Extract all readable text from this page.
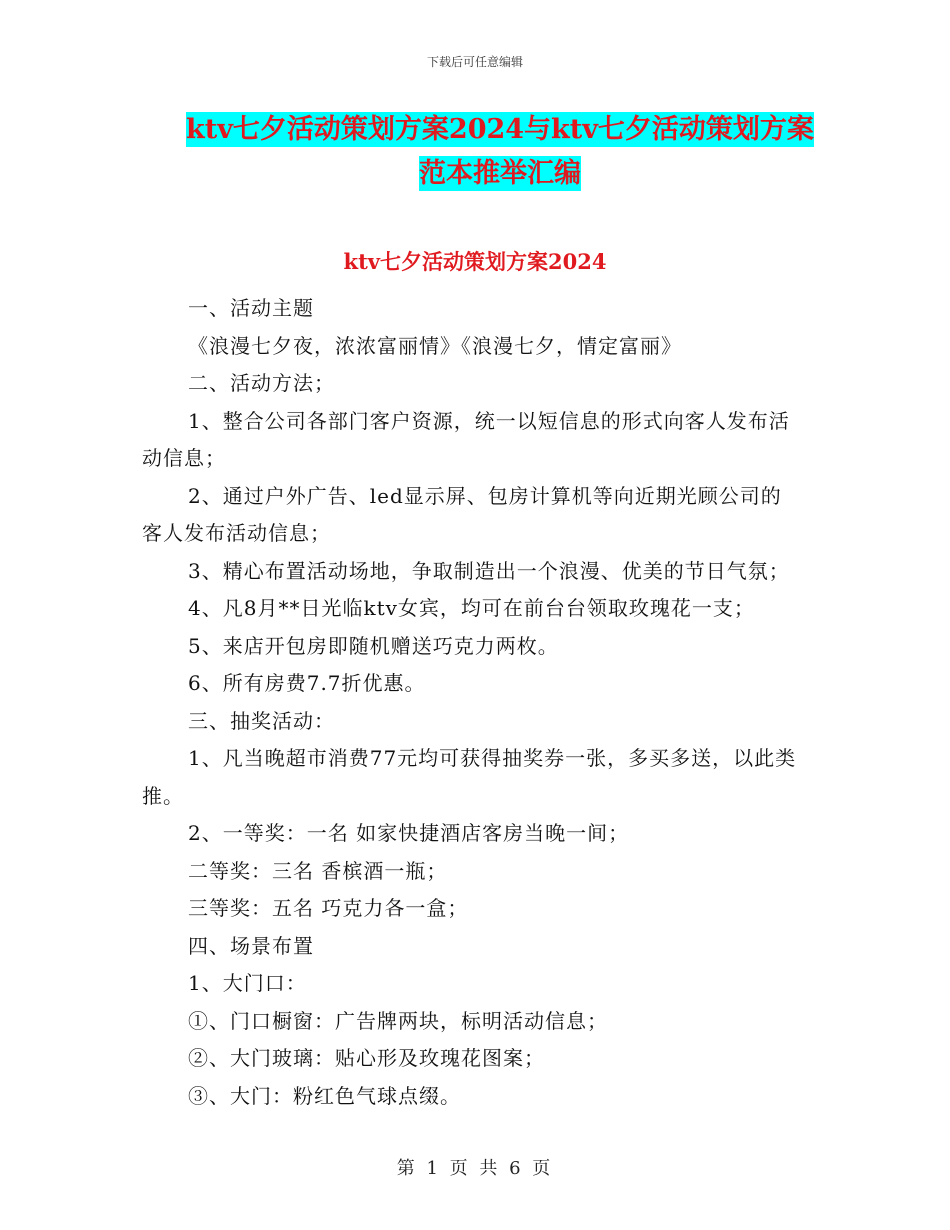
下载后可任意编辑
ktv七夕活动策划方案2024与ktv七夕活动策划方案
范本推举汇编
ktv七夕活动策划方案2024

一、活动主题

《浪漫七夕夜，浓浓富丽情》《浪漫七夕，情定富丽》

二、活动方法；

1、整合公司各部门客户资源，统一以短信息的形式向客人发布活动信息；

2、通过户外广告、led显示屏、包房计算机等向近期光顾公司的客人发布活动信息；

3、精心布置活动场地，争取制造出一个浪漫、优美的节日气氛；

4、凡8月**日光临ktv女宾，均可在前台台领取玫瑰花一支；

5、来店开包房即随机赠送巧克力两枚。

6、所有房费7.7折优惠。

三、抽奖活动：

1、凡当晚超市消费77元均可获得抽奖券一张，多买多送，以此类推。

2、一等奖：一名 如家快捷酒店客房当晚一间；

二等奖：三名 香槟酒一瓶；

三等奖：五名 巧克力各一盒；

四、场景布置

1、大门口：

①、门口橱窗：广告牌两块，标明活动信息；

②、大门玻璃：贴心形及玫瑰花图案；

③、大门：粉红色气球点缀。

第 1 页 共 6 页
